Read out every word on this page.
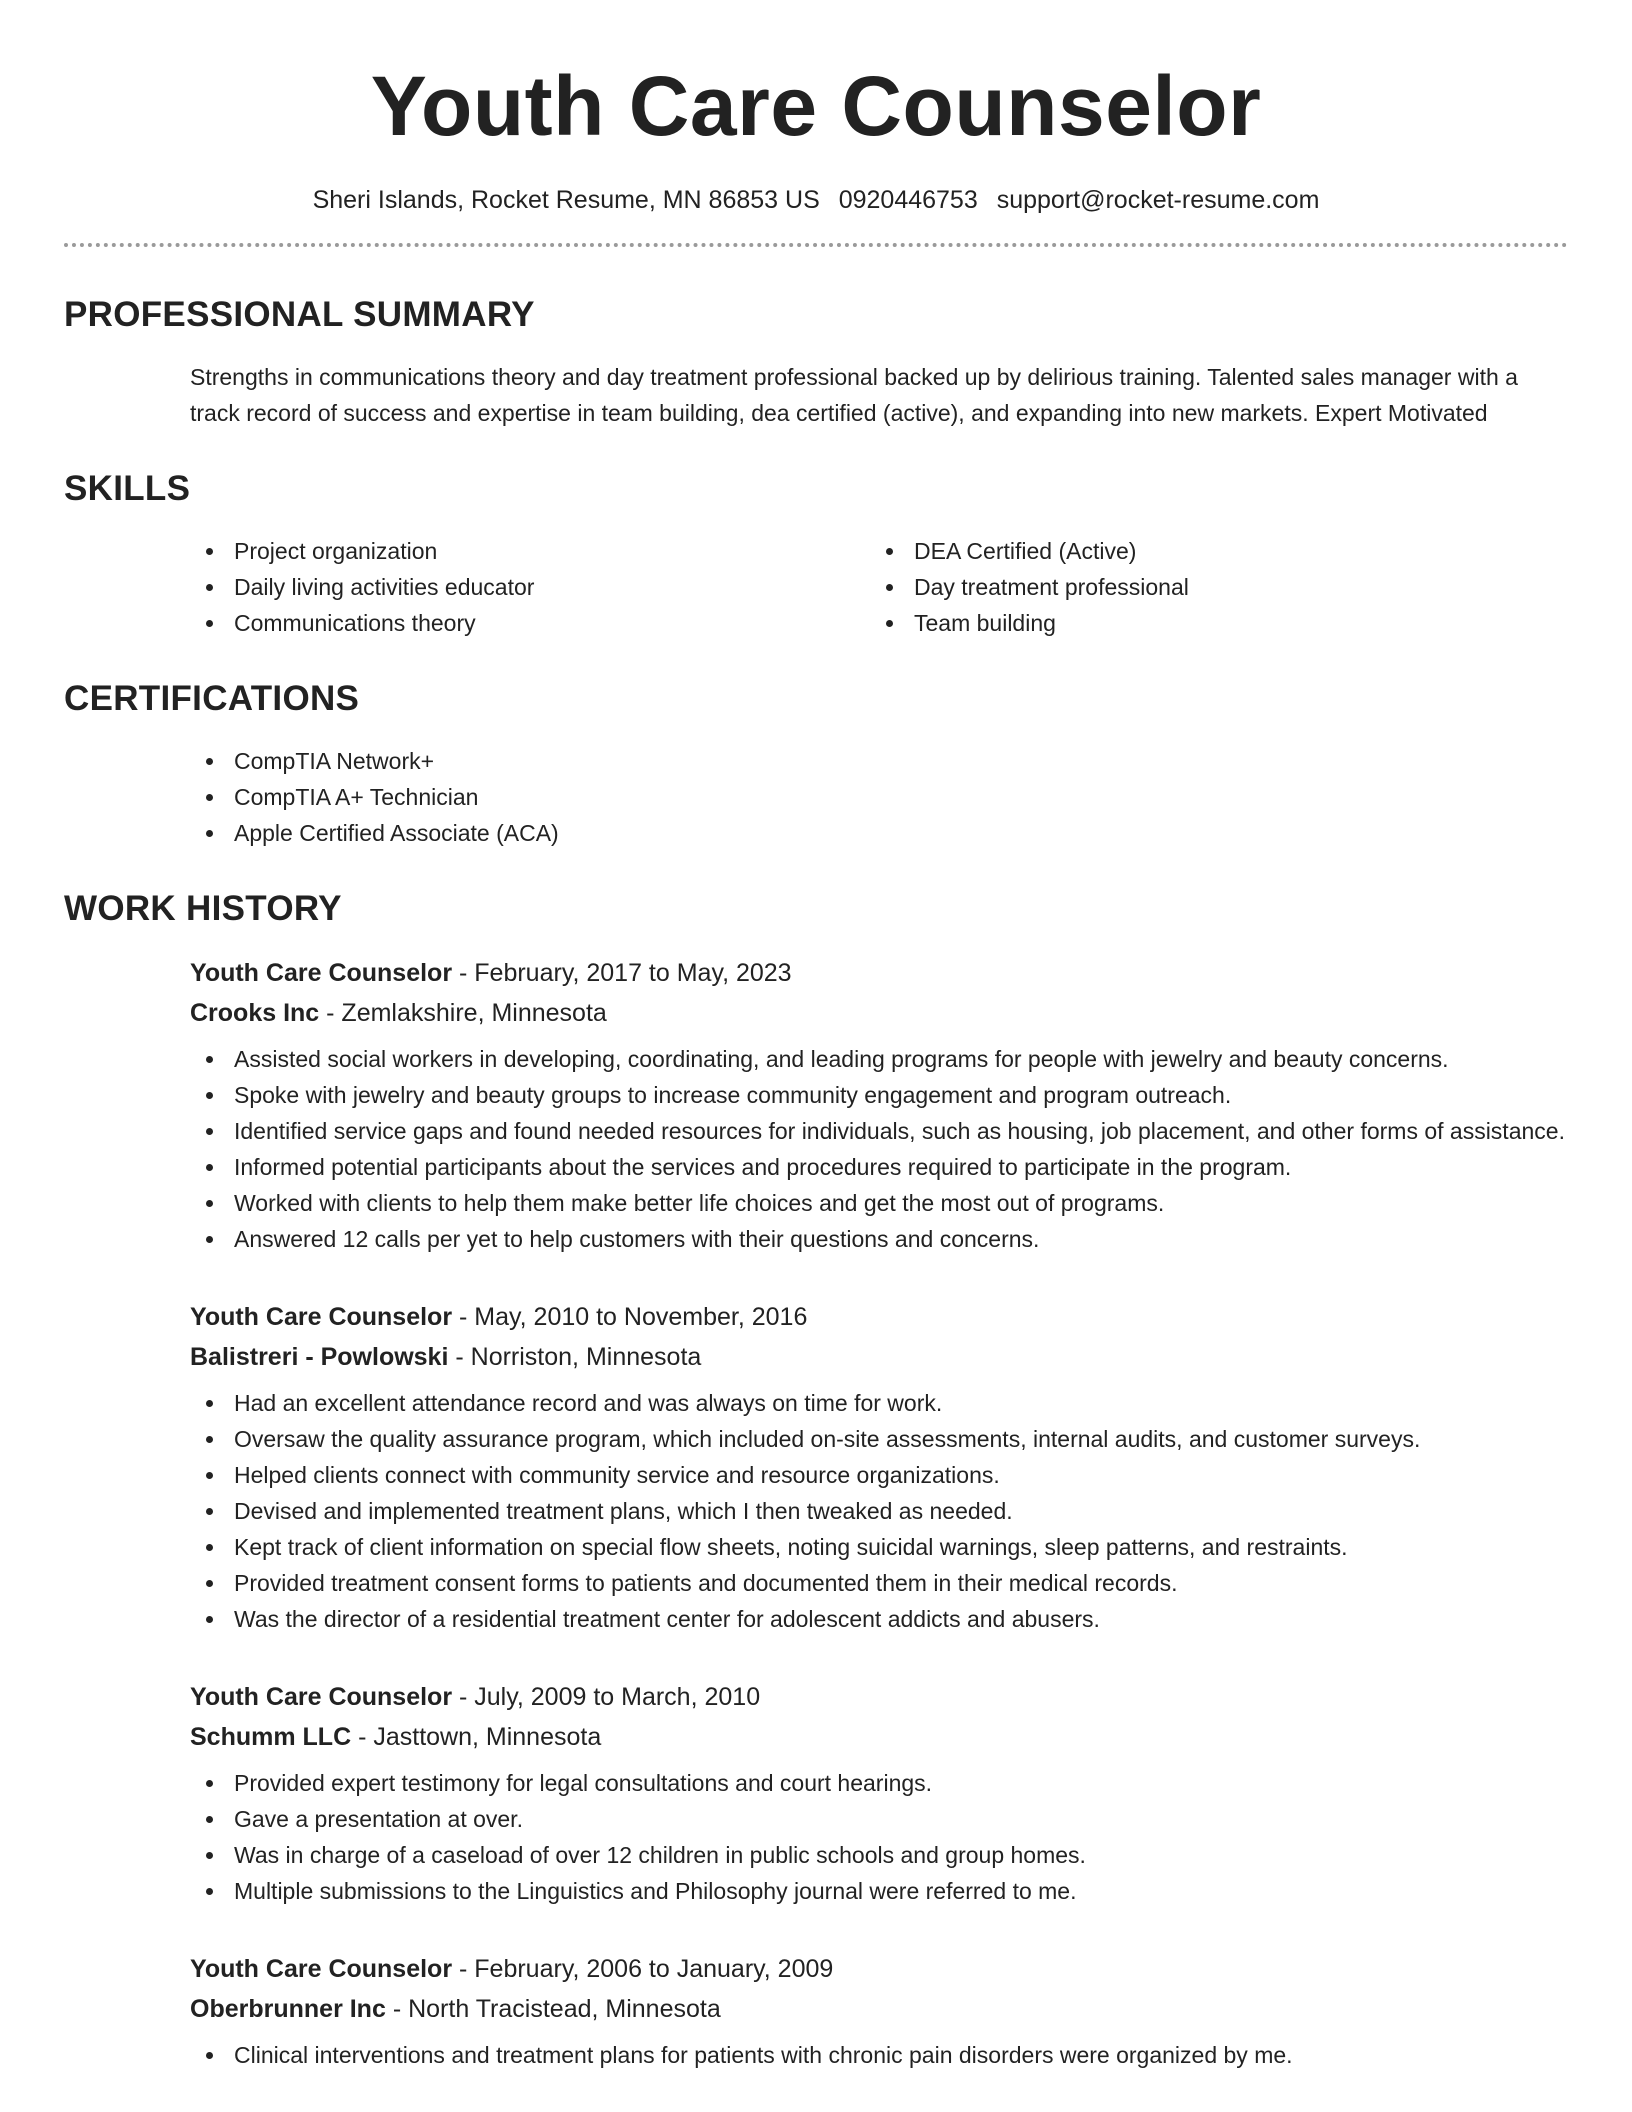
Youth Care Counselor
Sheri Islands, Rocket Resume, MN 86853 US 0920446753 support@rocket-resume.com
PROFESSIONAL SUMMARY

Strengths in communications theory and day treatment professional backed up by delirious training. Talented sales manager with a track record of success and expertise in team building, dea certified (active), and expanding into new markets. Expert Motivated

SKILLS
Project organization
Daily living activities educator
Communications theory
DEA Certified (Active)
Day treatment professional
Team building
CERTIFICATIONS
CompTIA Network+
CompTIA A+ Technician
Apple Certified Associate (ACA)
WORK HISTORY
Youth Care Counselor - February, 2017 to May, 2023
Crooks Inc - Zemlakshire, Minnesota
Assisted social workers in developing, coordinating, and leading programs for people with jewelry and beauty concerns.
Spoke with jewelry and beauty groups to increase community engagement and program outreach.
Identified service gaps and found needed resources for individuals, such as housing, job placement, and other forms of assistance.
Informed potential participants about the services and procedures required to participate in the program.
Worked with clients to help them make better life choices and get the most out of programs.
Answered 12 calls per yet to help customers with their questions and concerns.
Youth Care Counselor - May, 2010 to November, 2016
Balistreri - Powlowski - Norriston, Minnesota
Had an excellent attendance record and was always on time for work.
Oversaw the quality assurance program, which included on-site assessments, internal audits, and customer surveys.
Helped clients connect with community service and resource organizations.
Devised and implemented treatment plans, which I then tweaked as needed.
Kept track of client information on special flow sheets, noting suicidal warnings, sleep patterns, and restraints.
Provided treatment consent forms to patients and documented them in their medical records.
Was the director of a residential treatment center for adolescent addicts and abusers.
Youth Care Counselor - July, 2009 to March, 2010
Schumm LLC - Jasttown, Minnesota
Provided expert testimony for legal consultations and court hearings.
Gave a presentation at over.
Was in charge of a caseload of over 12 children in public schools and group homes.
Multiple submissions to the Linguistics and Philosophy journal were referred to me.
Youth Care Counselor - February, 2006 to January, 2009
Oberbrunner Inc - North Tracistead, Minnesota
Clinical interventions and treatment plans for patients with chronic pain disorders were organized by me.
